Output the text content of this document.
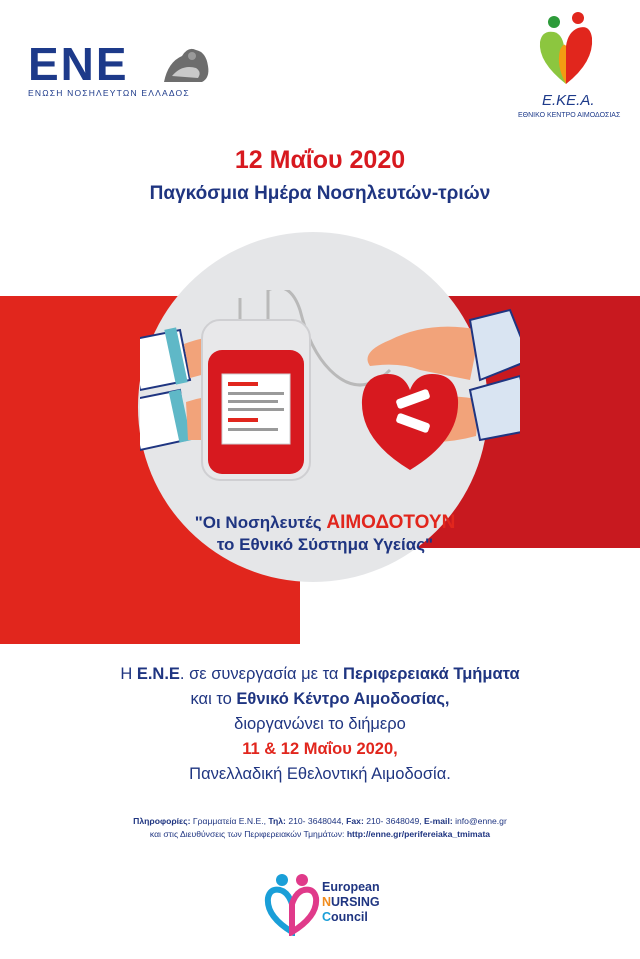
ENE
ΕΝΩΣΗ ΝΟΣΗΛΕΥΤΩΝ ΕΛΛΑΔΟΣ	Ε.ΚΕ.Α.
ΕΘΝΙΚΟ ΚΕΝΤΡΟ ΑΙΜΟΔΟΣΙΑΣ
12 Μαΐου 2020
Παγκόσμια Ημέρα Νοσηλευτών-τριών
"Οι Νοσηλευτές ΑΙΜΟΔΟΤΟΥΝ
το Εθνικό Σύστημα Υγείας"
Η Ε.Ν.Ε. σε συνεργασία με τα Περιφερειακά Τμήματα
και το Εθνικό Κέντρο Αιμοδοσίας,
διοργανώνει το διήμερο
11 & 12 Μαΐου 2020,
Πανελλαδική Εθελοντική Αιμοδοσία.
Πληροφορίες: Γραμματεία Ε.Ν.Ε., Τηλ: 210- 3648044, Fax: 210- 3648049, E-mail: info@enne.gr
και στις Διευθύνσεις των Περιφερειακών Τμημάτων: http://enne.gr/perifereiaka_tmimata
European
NURSING
Council
